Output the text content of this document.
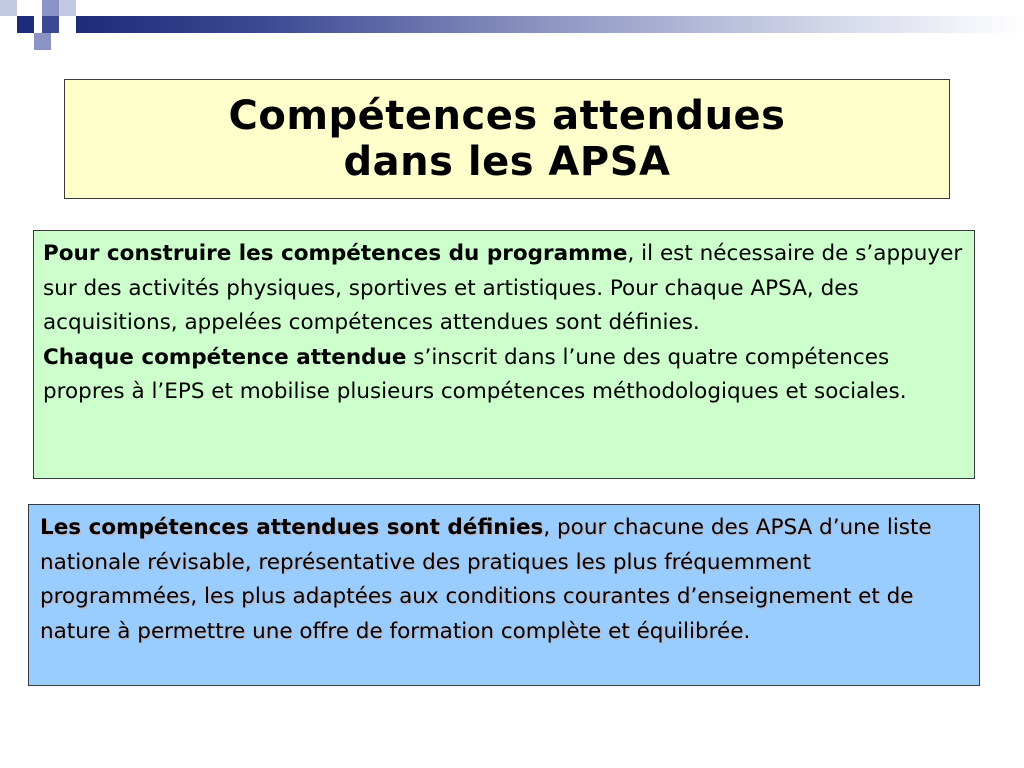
Compétences attendues
dans les APSA

Pour construire les compétences du programme, il est nécessaire de s’appuyer sur des activités physiques, sportives et artistiques. Pour chaque APSA, des acquisitions, appelées compétences attendues sont définies.

Chaque compétence attendue s’inscrit dans l’une des quatre compétences propres à l’EPS et mobilise plusieurs compétences méthodologiques et sociales.

Les compétences attendues sont définies, pour chacune des APSA d’une liste nationale révisable, représentative des pratiques les plus fréquemment programmées, les plus adaptées aux conditions courantes d’enseignement et de nature à permettre une offre de formation complète et équilibrée.
